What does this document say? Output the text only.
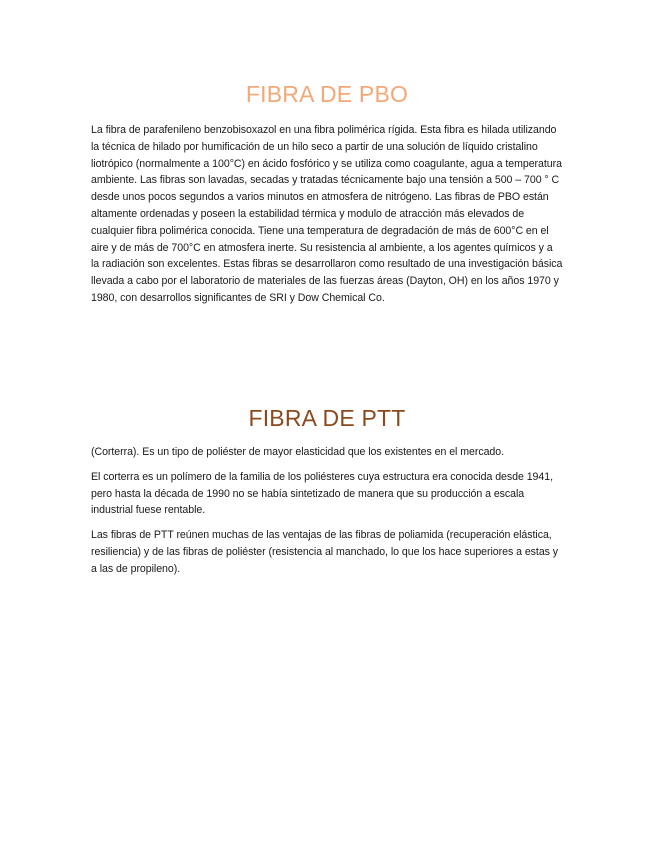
FIBRA DE PBO

La fibra de parafenileno benzobisoxazol en una fibra polimérica rígida. Esta fibra es hilada utilizando la técnica de hilado por humificación de un hilo seco a partir de una solución de líquido cristalino liotrópico (normalmente a 100°C) en ácido fosfórico y se utiliza como coagulante, agua a temperatura ambiente. Las fibras son lavadas, secadas y tratadas técnicamente bajo una tensión a 500 – 700 ° C desde unos pocos segundos a varios minutos en atmosfera de nitrógeno. Las fibras de PBO están altamente ordenadas y poseen la estabilidad térmica y modulo de atracción más elevados de cualquier fibra polimérica conocida. Tiene una temperatura de degradación de más de 600°C en el aire y de más de 700°C en atmosfera inerte. Su resistencia al ambiente, a los agentes químicos y a la radiación son excelentes. Estas fibras se desarrollaron como resultado de una investigación básica llevada a cabo por el laboratorio de materiales de las fuerzas áreas (Dayton, OH) en los años 1970 y 1980, con desarrollos significantes de SRI y Dow Chemical Co.

FIBRA DE PTT

(Corterra). Es un tipo de poliéster de mayor elasticidad que los existentes en el mercado.

El corterra es un polímero de la familia de los poliésteres cuya estructura era conocida desde 1941, pero hasta la década de 1990 no se había sintetizado de manera que su producción a escala industrial fuese rentable.

Las fibras de PTT reúnen muchas de las ventajas de las fibras de poliamida (recuperación elástica, resiliencia) y de las fibras de poliéster (resistencia al manchado, lo que los hace superiores a estas y a las de propileno).
